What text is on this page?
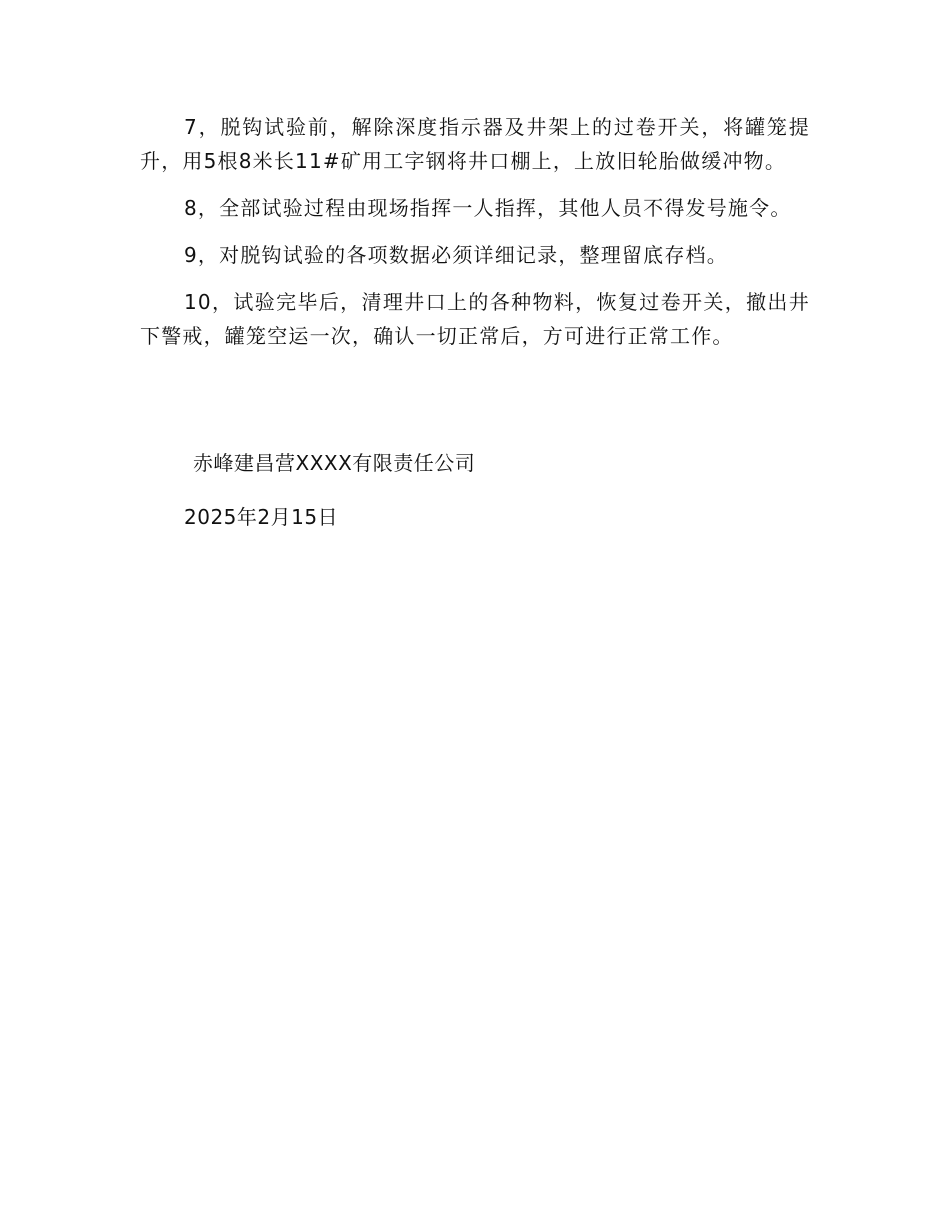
7，脱钩试验前，解除深度指示器及井架上的过卷开关，将罐笼提升，用5根8米长11#矿用工字钢将井口棚上，上放旧轮胎做缓冲物。

8，全部试验过程由现场指挥一人指挥，其他人员不得发号施令。

9，对脱钩试验的各项数据必须详细记录，整理留底存档。

10，试验完毕后，清理井口上的各种物料，恢复过卷开关，撤出井下警戒，罐笼空运一次，确认一切正常后，方可进行正常工作。

赤峰建昌营XXXX有限责任公司
2025年2月15日
